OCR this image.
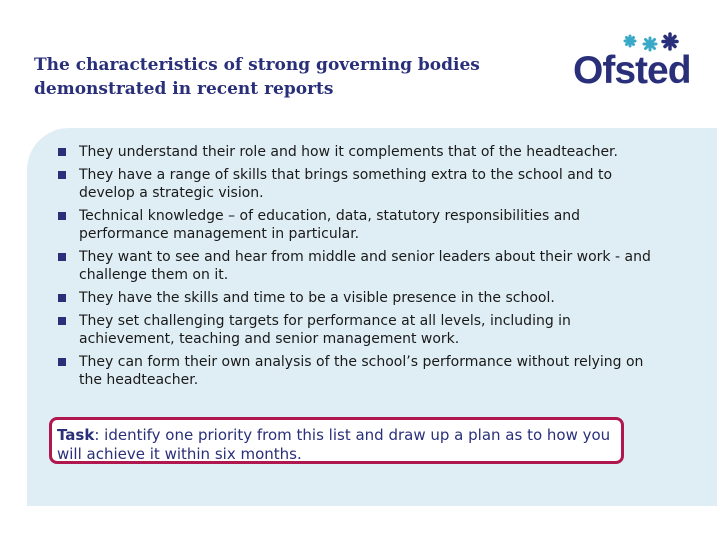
The characteristics of strong governing bodies
demonstrated in recent reports	Ofsted
They understand their role and how it complements that of the headteacher.
They have a range of skills that brings something extra to the school and to develop a strategic vision.
Technical knowledge – of education, data, statutory responsibilities and performance management in particular.
They want to see and hear from middle and senior leaders about their work - and challenge them on it.
They have the skills and time to be a visible presence in the school.
They set challenging targets for performance at all levels, including in achievement, teaching and senior management work.
They can form their own analysis of the school’s performance without relying on the headteacher.
Task: identify one priority from this list and draw up a plan as to how you will achieve it within six months.
